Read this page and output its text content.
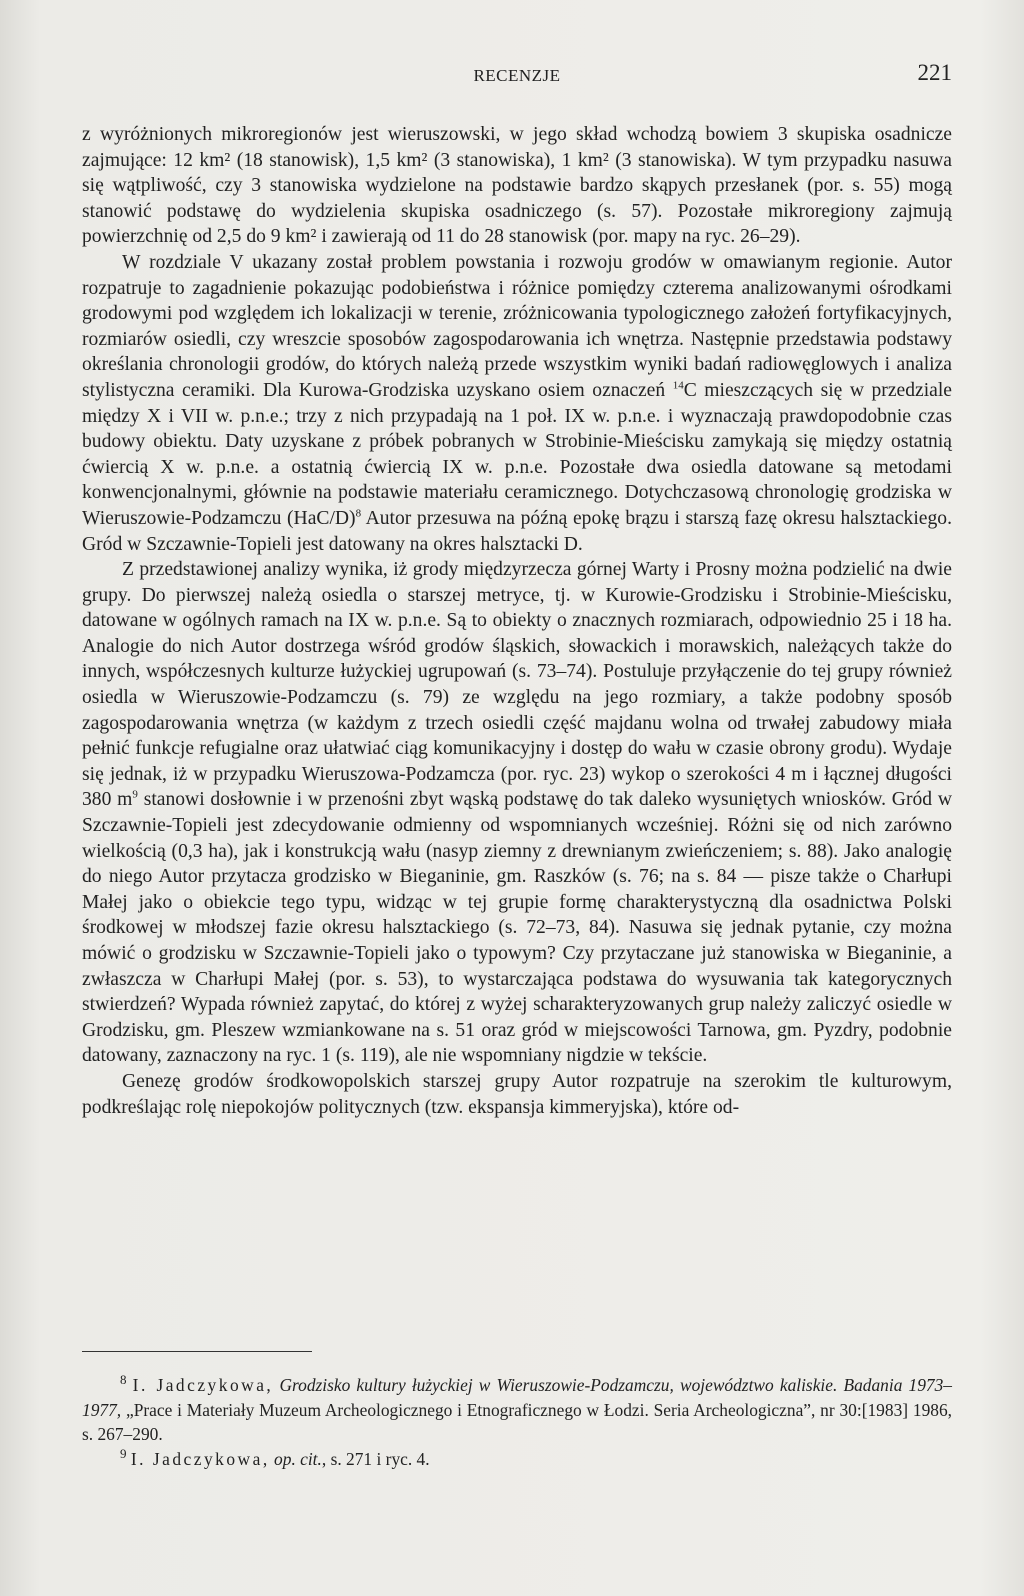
RECENZJE	221

z wyróżnionych mikroregionów jest wieruszowski, w jego skład wchodzą bowiem 3 skupiska osadnicze zajmujące: 12 km² (18 stanowisk), 1,5 km² (3 stanowiska), 1 km² (3 stanowiska). W tym przypadku nasuwa się wątpliwość, czy 3 stanowiska wydzielone na podstawie bardzo skąpych przesłanek (por. s. 55) mogą stanowić podstawę do wydzielenia skupiska osadniczego (s. 57). Pozostałe mikroregiony zajmują powierzchnię od 2,5 do 9 km² i zawierają od 11 do 28 stanowisk (por. mapy na ryc. 26–29).

W rozdziale V ukazany został problem powstania i rozwoju grodów w omawianym regionie. Autor rozpatruje to zagadnienie pokazując podobieństwa i różnice pomiędzy czterema analizowanymi ośrodkami grodowymi pod względem ich lokalizacji w terenie, zróżnicowania typologicznego założeń fortyfikacyjnych, rozmiarów osiedli, czy wreszcie sposobów zagospodarowania ich wnętrza. Następnie przedstawia podstawy określania chronologii grodów, do których należą przede wszystkim wyniki badań radiowęglowych i analiza stylistyczna ceramiki. Dla Kurowa-Grodziska uzyskano osiem oznaczeń $^{14}$C mieszczących się w przedziale między X i VII w. p.n.e.; trzy z nich przypadają na 1 poł. IX w. p.n.e. i wyznaczają prawdopodobnie czas budowy obiektu. Daty uzyskane z próbek pobranych w Strobinie-Mieścisku zamykają się między ostatnią ćwiercią X w. p.n.e. a ostatnią ćwiercią IX w. p.n.e. Pozostałe dwa osiedla datowane są metodami konwencjonalnymi, głównie na podstawie materiału ceramicznego. Dotychczasową chronologię grodziska w Wieruszowie-Podzamczu $(HaC/D)^8$ Autor przesuwa na późną epokę brązu i starszą fazę okresu halsztackiego. Gród w Szczawnie-Topieli jest datowany na okres halsztacki D.

Z przedstawionej analizy wynika, iż grody międzyrzecza górnej Warty i Prosny można podzielić na dwie grupy. Do pierwszej należą osiedla o starszej metryce, tj. w Kurowie-Grodzisku i Strobinie-Mieścisku, datowane w ogólnych ramach na IX w. p.n.e. Są to obiekty o znacznych rozmiarach, odpowiednio 25 i 18 ha. Analogie do nich Autor dostrzega wśród grodów śląskich, słowackich i morawskich, należących także do innych, współczesnych kulturze łużyckiej ugrupowań (s. 73–74). Postuluje przyłączenie do tej grupy również osiedla w Wieruszowie-Podzamczu (s. 79) ze względu na jego rozmiary, a także podobny sposób zagospodarowania wnętrza (w każdym z trzech osiedli część majdanu wolna od trwałej zabudowy miała pełnić funkcje refugialne oraz ułatwiać ciąg komunikacyjny i dostęp do wału w czasie obrony grodu). Wydaje się jednak, iż w przypadku Wieruszowa-Podzamcza (por. ryc. 23) wykop o szerokości 4 m i łącznej długości 380 $m^9$ stanowi dosłownie i w przenośni zbyt wąską podstawę do tak daleko wysuniętych wniosków. Gród w Szczawnie-Topieli jest zdecydowanie odmienny od wspomnianych wcześniej. Różni się od nich zarówno wielkością (0,3 ha), jak i konstrukcją wału (nasyp ziemny z drewnianym zwieńczeniem; s. 88). Jako analogię do niego Autor przytacza grodzisko w Bieganinie, gm. Raszków (s. 76; na s. 84 — pisze także o Charłupi Małej jako o obiekcie tego typu, widząc w tej grupie formę charakterystyczną dla osadnictwa Polski środkowej w młodszej fazie okresu halsztackiego (s. 72–73, 84). Nasuwa się jednak pytanie, czy można mówić o grodzisku w Szczawnie-Topieli jako o typowym? Czy przytaczane już stanowiska w Bieganinie, a zwłaszcza w Charłupi Małej (por. s. 53), to wystarczająca podstawa do wysuwania tak kategorycznych stwierdzeń? Wypada również zapytać, do której z wyżej scharakteryzowanych grup należy zaliczyć osiedle w Grodzisku, gm. Pleszew wzmiankowane na s. 51 oraz gród w miejscowości Tarnowa, gm. Pyzdry, podobnie datowany, zaznaczony na ryc. 1 (s. 119), ale nie wspomniany nigdzie w tekście.

Genezę grodów środkowopolskich starszej grupy Autor rozpatruje na szerokim tle kulturowym, podkreślając rolę niepokojów politycznych (tzw. ekspansja kimmeryjska), które od-

$^8$ I. Jadczykowa, Grodzisko kultury łużyckiej w Wieruszowie-Podzamczu, województwo kaliskie. Badania 1973–1977, „Prace i Materiały Muzeum Archeologicznego i Etnograficznego w Łodzi. Seria Archeologiczna”, nr 30:[1983] 1986, s. 267–290.

$^9$ I. Jadczykowa, op. cit., s. 271 i ryc. 4.
